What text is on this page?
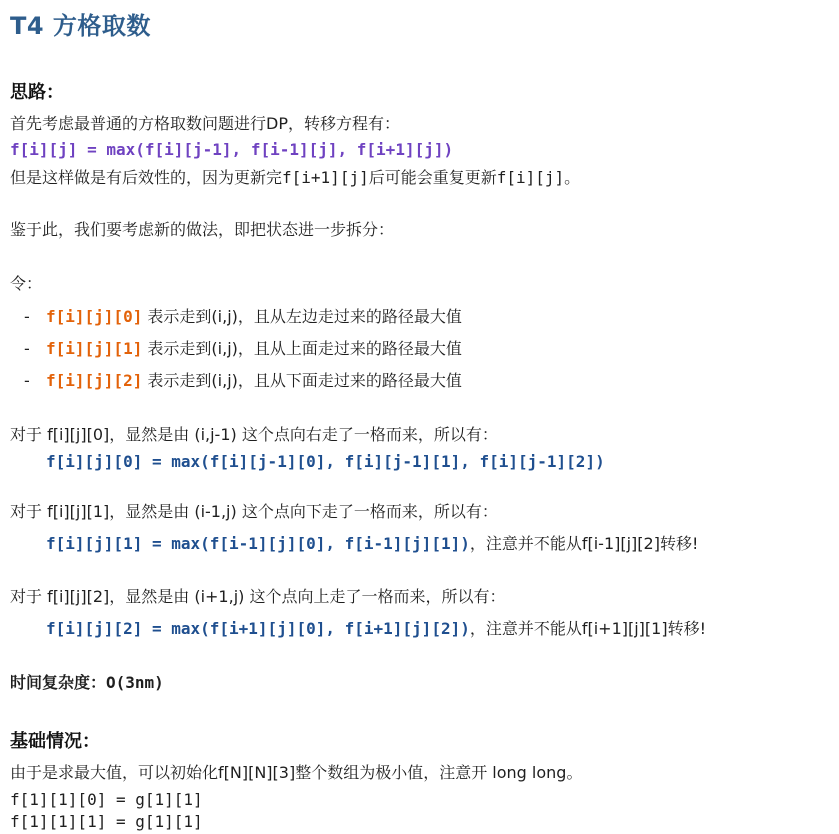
T4 方格取数
思路：
首先考虑最普通的方格取数问题进行DP，转移方程有：
f[i][j] = max(f[i][j-1], f[i-1][j], f[i+1][j])
但是这样做是有后效性的，因为更新完f[i+1][j]后可能会重复更新f[i][j]。
鉴于此，我们要考虑新的做法，即把状态进一步拆分：
令：
- f[i][j][0] 表示走到(i,j)，且从左边走过来的路径最大值
- f[i][j][1] 表示走到(i,j)，且从上面走过来的路径最大值
- f[i][j][2] 表示走到(i,j)，且从下面走过来的路径最大值
对于 f[i][j][0]，显然是由 (i,j-1) 这个点向右走了一格而来，所以有：
f[i][j][0] = max(f[i][j-1][0], f[i][j-1][1], f[i][j-1][2])
对于 f[i][j][1]，显然是由 (i-1,j) 这个点向下走了一格而来，所以有：
f[i][j][1] = max(f[i-1][j][0], f[i-1][j][1])，注意并不能从f[i-1][j][2]转移!
对于 f[i][j][2]，显然是由 (i+1,j) 这个点向上走了一格而来，所以有：
f[i][j][2] = max(f[i+1][j][0], f[i+1][j][2])，注意并不能从f[i+1][j][1]转移!
时间复杂度：O(3nm)
基础情况：
由于是求最大值，可以初始化f[N][N][3]整个数组为极小值，注意开 long long。
f[1][1][0] = g[1][1]
f[1][1][1] = g[1][1]
